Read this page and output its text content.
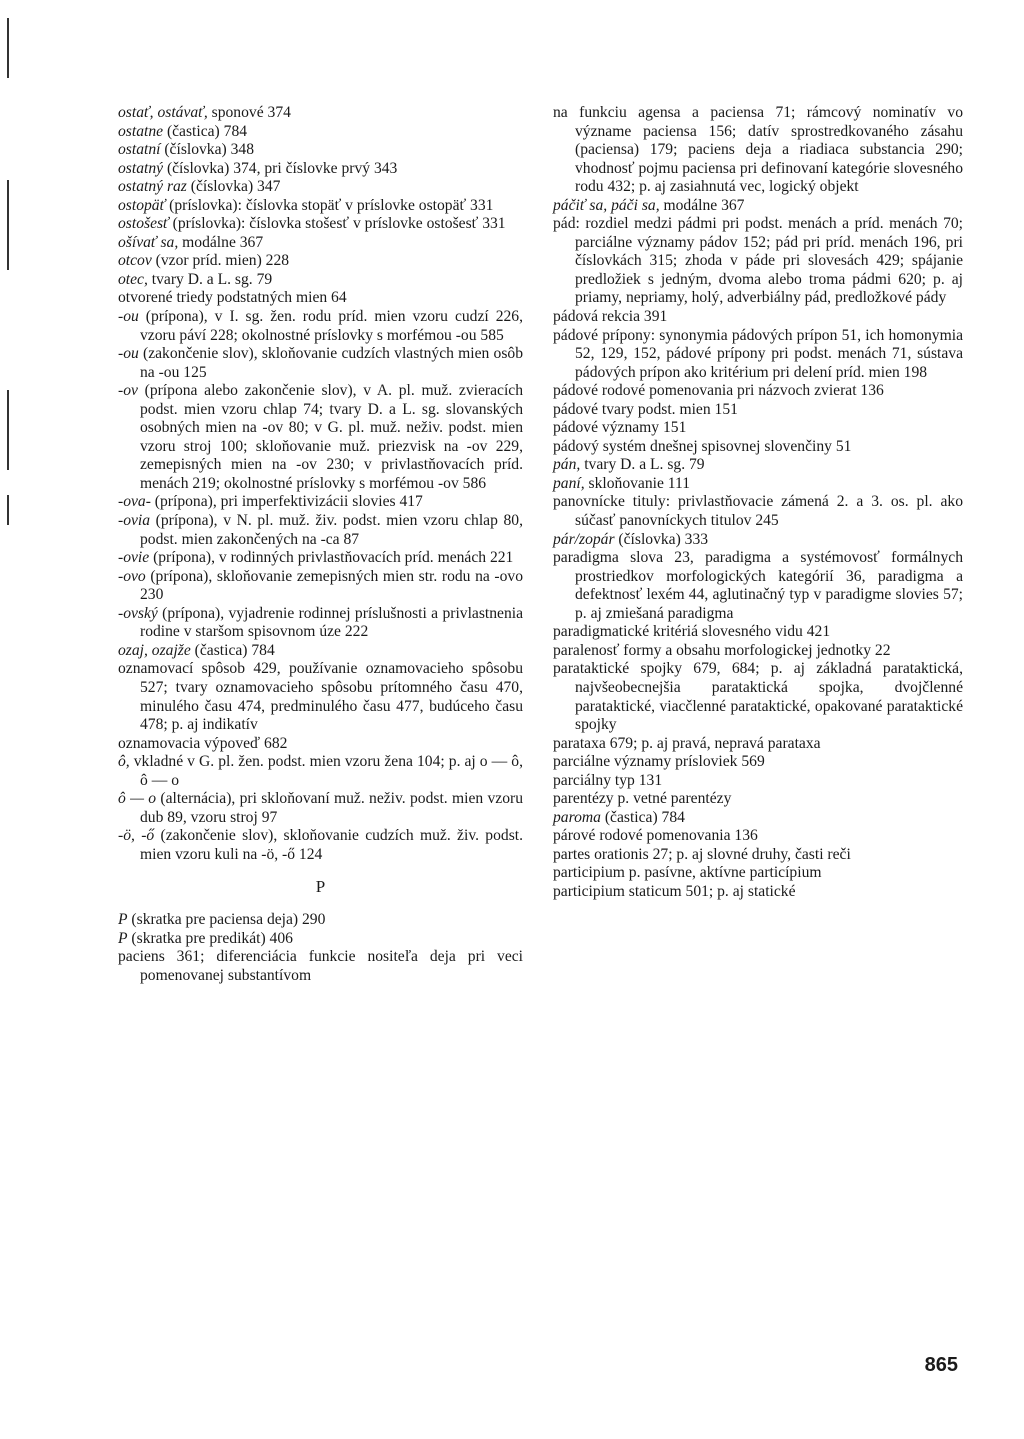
ostať, ostávať, sponové 374

ostatne (častica) 784

ostatní (číslovka) 348

ostatný (číslovka) 374, pri číslovke prvý 343

ostatný raz (číslovka) 347

ostopäť (príslovka): číslovka stopäť v príslovke ostopäť 331

ostošesť (príslovka): číslovka stošesť v príslovke ostošesť 331

ošívať sa, modálne 367

otcov (vzor príd. mien) 228

otec, tvary D. a L. sg. 79

otvorené triedy podstatných mien 64

-ou (prípona), v I. sg. žen. rodu príd. mien vzoru cudzí 226, vzoru páví 228; okolnostné príslovky s morfémou -ou 585

-ou (zakončenie slov), skloňovanie cudzích vlastných mien osôb na -ou 125

-ov (prípona alebo zakončenie slov), v A. pl. muž. zvieracích podst. mien vzoru chlap 74; tvary D. a L. sg. slovanských osobných mien na -ov 80; v G. pl. muž. neživ. podst. mien vzoru stroj 100; skloňovanie muž. priezvisk na -ov 229, zemepisných mien na -ov 230; v privlastňovacích príd. menách 219; okolnostné príslovky s morfémou -ov 586

-ova- (prípona), pri imperfektivizácii slovies 417

-ovia (prípona), v N. pl. muž. živ. podst. mien vzoru chlap 80, podst. mien zakončených na -ca 87

-ovie (prípona), v rodinných privlastňovacích príd. menách 221

-ovo (prípona), skloňovanie zemepisných mien str. rodu na -ovo 230

-ovský (prípona), vyjadrenie rodinnej príslušnosti a privlastnenia rodine v staršom spisovnom úze 222

ozaj, ozajže (častica) 784

oznamovací spôsob 429, používanie oznamovacieho spôsobu 527; tvary oznamovacieho spôsobu prítomného času 470, minulého času 474, predminulého času 477, budúceho času 478; p. aj indikatív

oznamovacia výpoveď 682

ô, vkladné v G. pl. žen. podst. mien vzoru žena 104; p. aj o — ô, ô — o

ô — o (alternácia), pri skloňovaní muž. neživ. podst. mien vzoru dub 89, vzoru stroj 97

-ö, -ő (zakončenie slov), skloňovanie cudzích muž. živ. podst. mien vzoru kuli na -ö, -ő 124

P

P (skratka pre paciensa deja) 290

P (skratka pre predikát) 406

paciens 361; diferenciácia funkcie nositeľa deja pri veci pomenovanej substantívom

na funkciu agensa a paciensa 71; rámcový nominatív vo význame paciensa 156; datív sprostredkovaného zásahu (paciensa) 179; paciens deja a riadiaca substancia 290; vhodnosť pojmu paciensa pri definovaní kategórie slovesného rodu 432; p. aj zasiahnutá vec, logický objekt

páčiť sa, páči sa, modálne 367

pád: rozdiel medzi pádmi pri podst. menách a príd. menách 70; parciálne významy pádov 152; pád pri príd. menách 196, pri číslovkách 315; zhoda v páde pri slovesách 429; spájanie predložiek s jedným, dvoma alebo troma pádmi 620; p. aj priamy, nepriamy, holý, adverbiálny pád, predložkové pády

pádová rekcia 391

pádové prípony: synonymia pádových prípon 51, ich homonymia 52, 129, 152, pádové prípony pri podst. menách 71, sústava pádových prípon ako kritérium pri delení príd. mien 198

pádové rodové pomenovania pri názvoch zvierat 136

pádové tvary podst. mien 151

pádové významy 151

pádový systém dnešnej spisovnej slovenčiny 51

pán, tvary D. a L. sg. 79

paní, skloňovanie 111

panovnícke tituly: privlastňovacie zámená 2. a 3. os. pl. ako súčasť panovníckych titulov 245

pár/zopár (číslovka) 333

paradigma slova 23, paradigma a systémovosť formálnych prostriedkov morfologických kategórií 36, paradigma a defektnosť lexém 44, aglutinačný typ v paradigme slovies 57; p. aj zmiešaná paradigma

paradigmatické kritériá slovesného vidu 421

paralenosť formy a obsahu morfologickej jednotky 22

parataktické spojky 679, 684; p. aj základná parataktická, najvšeobecnejšia parataktická spojka, dvojčlenné parataktické, viacčlenné parataktické, opakované parataktické spojky

parataxa 679; p. aj pravá, nepravá parataxa

parciálne významy prísloviek 569

parciálny typ 131

parentézy p. vetné parentézy

paroma (častica) 784

párové rodové pomenovania 136

partes orationis 27; p. aj slovné druhy, časti reči

participium p. pasívne, aktívne particípium

participium staticum 501; p. aj statické

865
